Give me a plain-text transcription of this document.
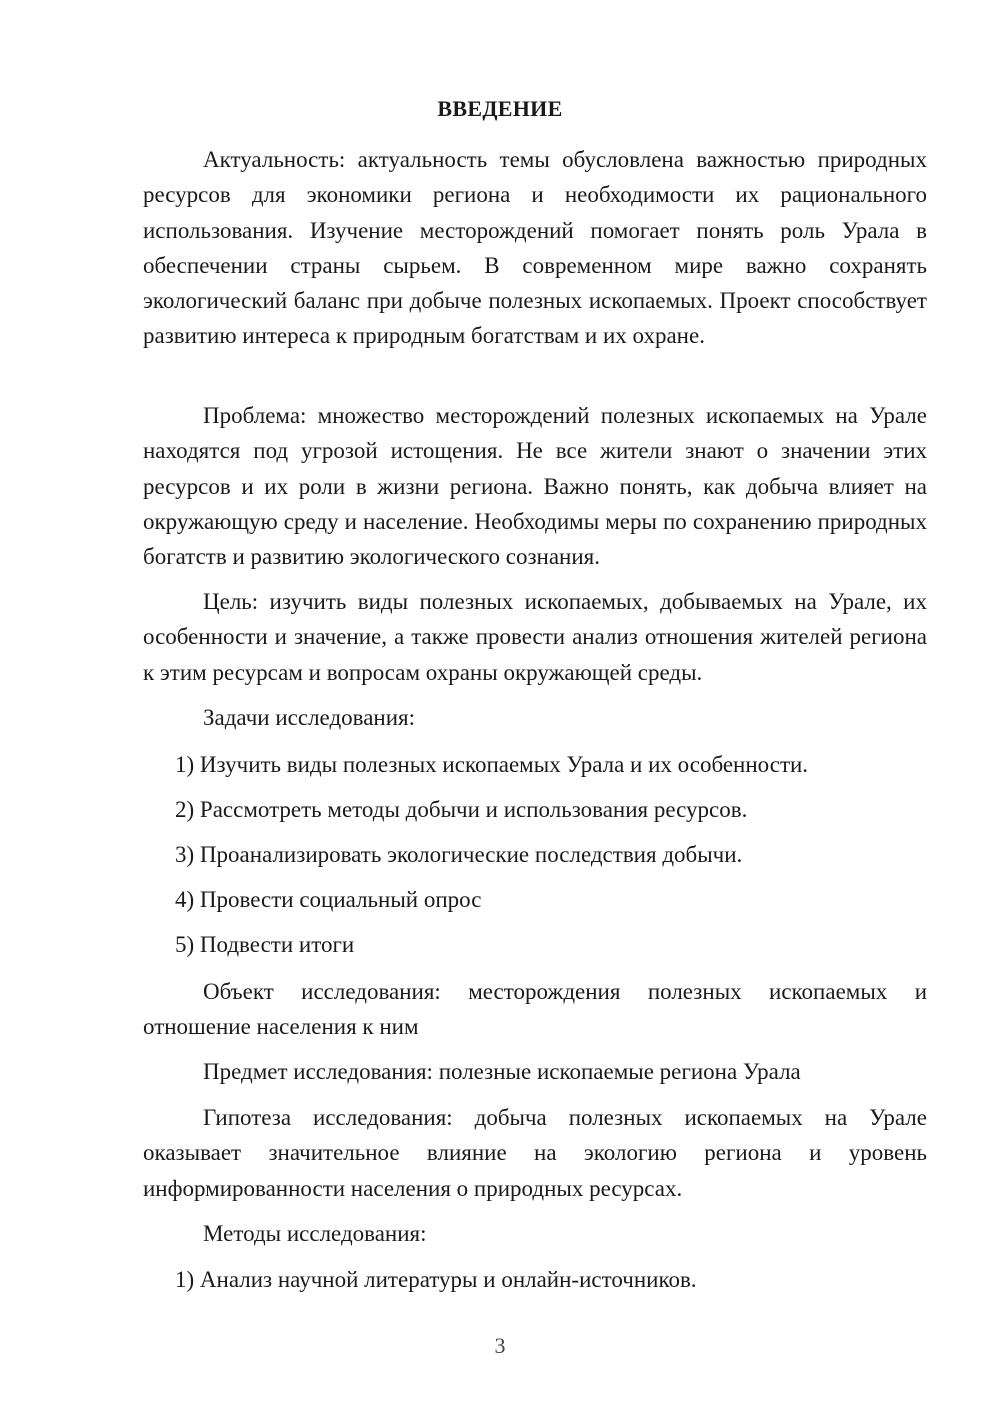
ВВЕДЕНИЕ

Актуальность: актуальность темы обусловлена важностью природных ресурсов для экономики региона и необходимости их рационального использования. Изучение месторождений помогает понять роль Урала в обеспечении страны сырьем. В современном мире важно сохранять экологический баланс при добыче полезных ископаемых. Проект способствует развитию интереса к природным богатствам и их охране.

Проблема: множество месторождений полезных ископаемых на Урале находятся под угрозой истощения. Не все жители знают о значении этих ресурсов и их роли в жизни региона. Важно понять, как добыча влияет на окружающую среду и население. Необходимы меры по сохранению природных богатств и развитию экологического сознания.

Цель: изучить виды полезных ископаемых, добываемых на Урале, их особенности и значение, а также провести анализ отношения жителей региона к этим ресурсам и вопросам охраны окружающей среды.

Задачи исследования:

1) Изучить виды полезных ископаемых Урала и их особенности.

2) Рассмотреть методы добычи и использования ресурсов.

3) Проанализировать экологические последствия добычи.

4) Провести социальный опрос

5) Подвести итоги

Объект исследования: месторождения полезных ископаемых и отношение населения к ним

Предмет исследования: полезные ископаемые региона Урала

Гипотеза исследования: добыча полезных ископаемых на Урале оказывает значительное влияние на экологию региона и уровень информированности населения о природных ресурсах.

Методы исследования:

1) Анализ научной литературы и онлайн-источников.

3
